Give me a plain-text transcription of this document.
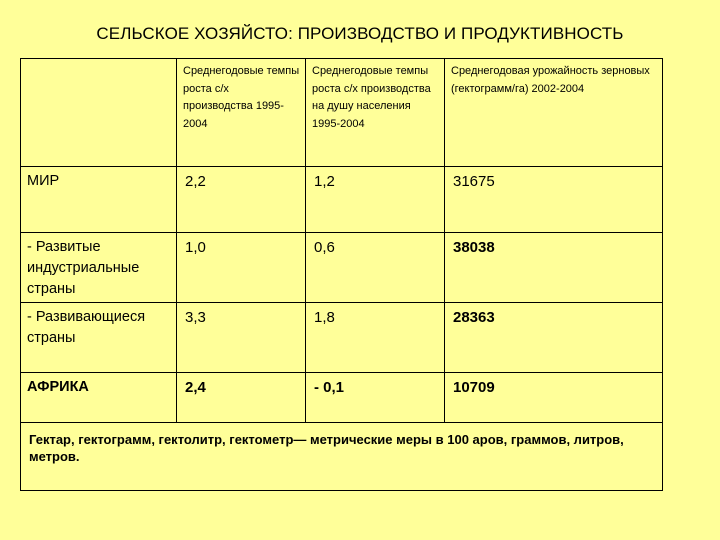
СЕЛЬСКОЕ ХОЗЯЙСТО: ПРОИЗВОДСТВО И ПРОДУКТИВНОСТЬ
	Среднегодовые темпы роста с/х производства 1995-2004	Среднегодовые темпы роста с/х производства на душу населения 1995-2004	Среднегодовая урожайность зерновых (гектограмм/га) 2002-2004
МИР	2,2	1,2	31675
- Развитые индустриальные страны	1,0	0,6	38038
- Развивающиеся страны	3,3	1,8	28363
АФРИКА	2,4	- 0,1	10709
Гектар, гектограмм, гектолитр, гектометр— метрические меры в 100 аров, граммов, литров, метров.			
